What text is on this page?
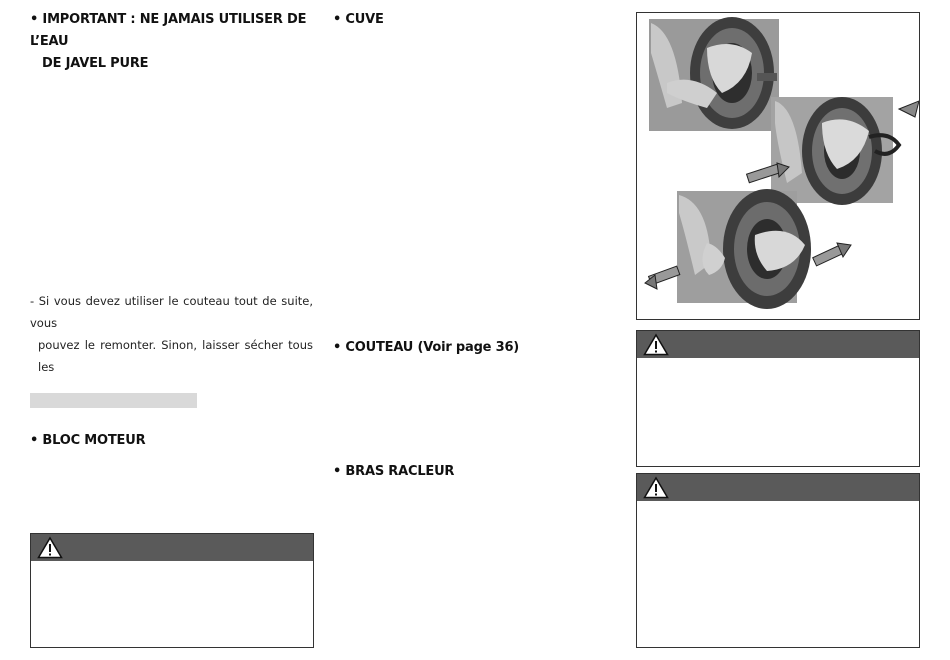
• IMPORTANT : NE JAMAIS UTILISER DE L’EAU
DE JAVEL PURE
- Si vous devez utiliser le couteau tout de suite, vous
pouvez le remonter. Sinon, laisser sécher tous les
• BLOC MOTEUR
• CUVE
• COUTEAU (Voir page 36)
• BRAS RACLEUR
